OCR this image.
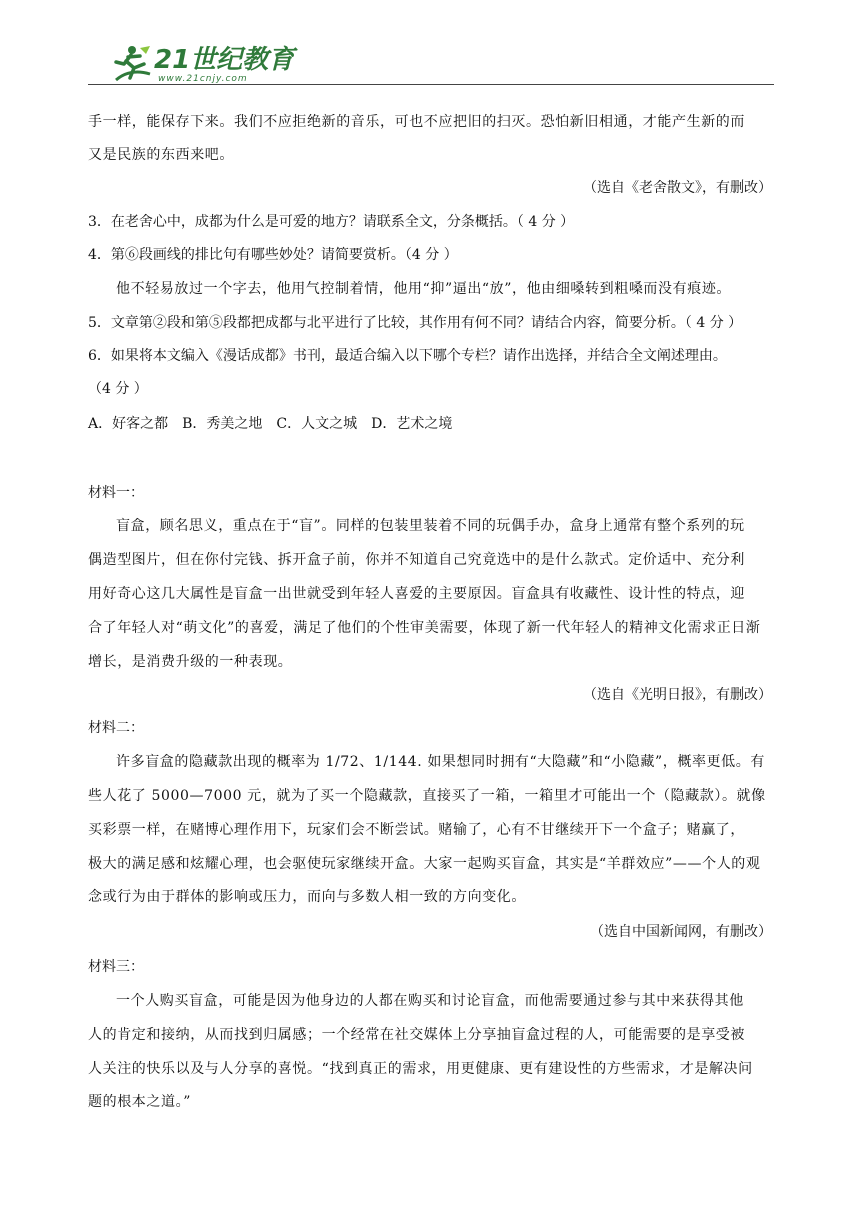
21世纪教育
www.21cnjy.com
手一样，能保存下来。我们不应拒绝新的音乐，可也不应把旧的扫灭。恐怕新旧相通，才能产生新的而
又是民族的东西来吧。
（选自《老舍散文》，有删改）
3．在老舍心中，成都为什么是可爱的地方？请联系全文，分条概括。（ 4 分 ）
4．第⑥段画线的排比句有哪些妙处？请简要赏析。（4 分 ）
他不轻易放过一个字去，他用气控制着情，他用“抑”逼出“放”，他由细嗓转到粗嗓而没有痕迹。
5．文章第②段和第⑤段都把成都与北平进行了比较，其作用有何不同？请结合内容，简要分析。（ 4 分 ）
6．如果将本文编入《漫话成都》书刊，最适合编入以下哪个专栏？请作出选择，并结合全文阐述理由。
（4 分 ）
A．好客之都　B．秀美之地　C．人文之城　D．艺术之境
材料一：
盲盒，顾名思义，重点在于“盲”。同样的包装里装着不同的玩偶手办，盒身上通常有整个系列的玩
偶造型图片，但在你付完钱、拆开盒子前，你并不知道自己究竟选中的是什么款式。定价适中、充分利
用好奇心这几大属性是盲盒一出世就受到年轻人喜爱的主要原因。盲盒具有收藏性、设计性的特点，迎
合了年轻人对“萌文化”的喜爱，满足了他们的个性审美需要，体现了新一代年轻人的精神文化需求正日渐
增长，是消费升级的一种表现。
（选自《光明日报》，有删改）
材料二：
许多盲盒的隐藏款出现的概率为 1/72、1/144. 如果想同时拥有“大隐藏”和“小隐藏”，概率更低。有
些人花了 5000—7000 元，就为了买一个隐藏款，直接买了一箱，一箱里才可能出一个（隐藏款）。就像
买彩票一样，在赌博心理作用下，玩家们会不断尝试。赌输了，心有不甘继续开下一个盒子；赌赢了，
极大的满足感和炫耀心理，也会驱使玩家继续开盒。大家一起购买盲盒，其实是“羊群效应”——个人的观
念或行为由于群体的影响或压力，而向与多数人相一致的方向变化。
（选自中国新闻网，有删改）
材料三：
一个人购买盲盒，可能是因为他身边的人都在购买和讨论盲盒，而他需要通过参与其中来获得其他
人的肯定和接纳，从而找到归属感；一个经常在社交媒体上分享抽盲盒过程的人，可能需要的是享受被
人关注的快乐以及与人分享的喜悦。“找到真正的需求，用更健康、更有建设性的方些需求，才是解决问
题的根本之道。”
